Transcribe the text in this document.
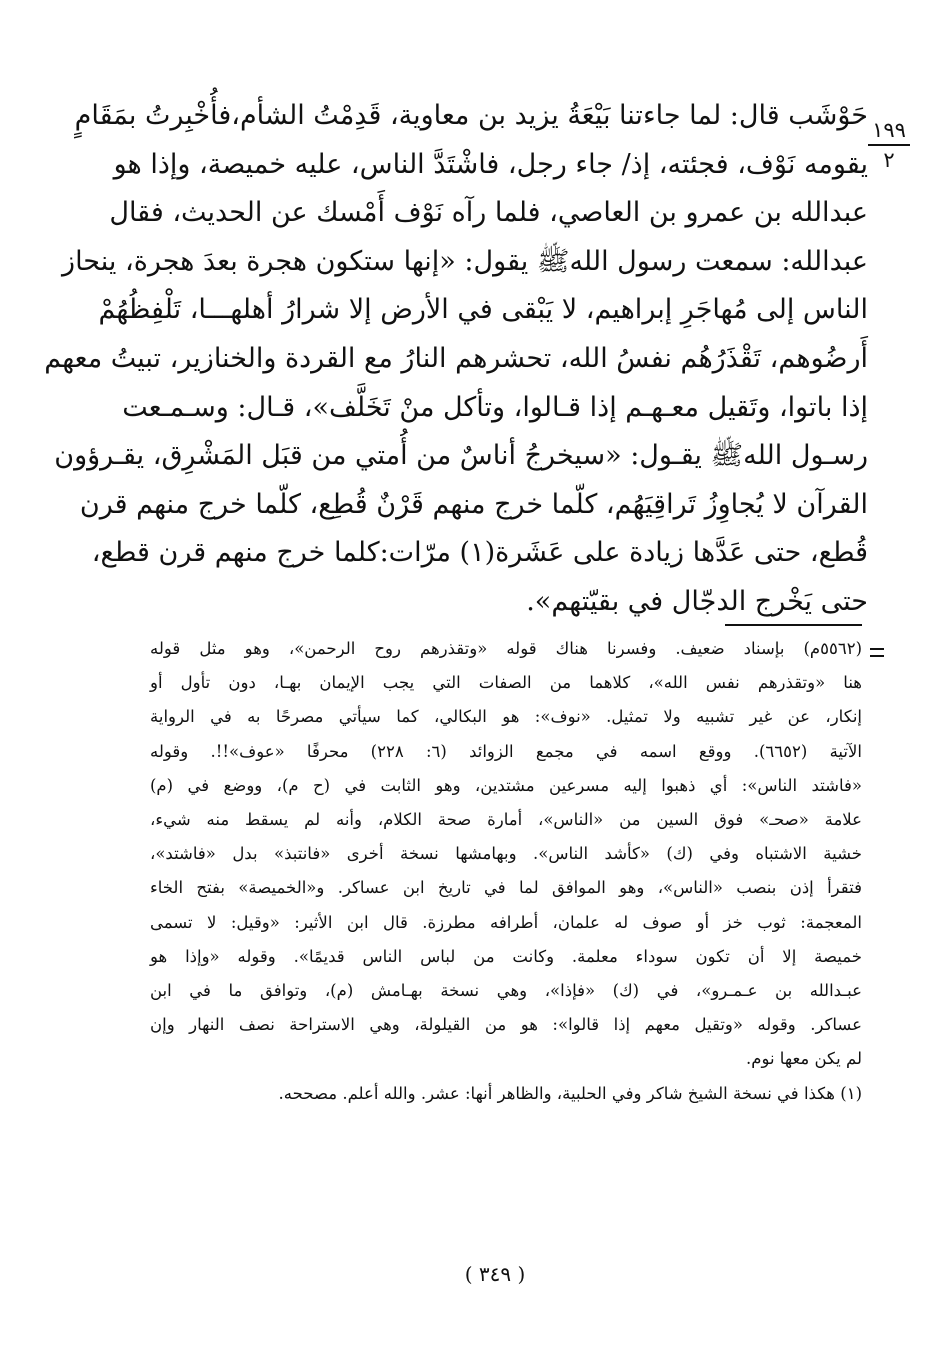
١٩٩
٢
حَوْشَب قال: لما جاءتنا بَيْعَةُ يزيد بن معاوية، قَدِمْتُ الشأم،فأُخْبِرتُ بمَقَامٍ
يقومه نَوْف، فجئته، إذ/ جاء رجل، فاشْتَدَّ الناس، عليه خميصة، وإذا هو
عبدالله بن عمرو بن العاصي، فلما رآه نَوْف أَمْسك عن الحديث، فقال
عبدالله: سمعت رسول اللهﷺ يقول: «إنها ستكون هجرة بعدَ هجرة، ينحاز
الناس إلى مُهاجَرِ إبراهيم، لا يَبْقى في الأرض إلا شرارُ أهلهـــا، تَلْفِظُهُمْ
أَرضُوهم، تَقْذَرُهُم نفسُ الله، تحشرهم النارُ مع القردة والخنازير، تبيتُ معهم
إذا باتوا، وتَقيل معـهـم إذا قـالوا، وتأكل منْ تَخَلَّف»، قـال: وسـمـعت
رسـول اللهﷺ يقـول: «سيخرجُ أناسٌ من أُمتي من قبَل المَشْرِق، يقـرؤون
القرآن لا يُجاوِزُ تَراقِيَهُم، كلّما خرج منهم قَرْنٌ قُطِع، كلّما خرج منهم قرن
قُطع، حتى عَدَّها زيادة على عَشَرة(١) مرّات:كلما خرج منهم قرن قطع،
حتى يَخْرج الدجّال في بقيّتهم».
(٥٥٦٢م) بإسناد ضعيف. وفسرنا هناك قوله «وتقذرهم روح الرحمن»، وهو مثل قوله
هنا «وتقذرهم نفس الله»، كلاهما من الصفات التي يجب الإيمان بهـا، دون تأول أو
إنكار، عن غير تشبيه ولا تمثيل. «نوف»: هو البكالي، كما سيأتي مصرحًا به في الرواية
الآتية (٦٦٥٢). ووقع اسمه في مجمع الزوائد (٦: ٢٢٨) محرفًا «عوف»!!. وقوله
«فاشتد الناس»: أي ذهبوا إليه مسرعين مشتدين، وهو الثابت في (ح م)، ووضع في (م)
علامة «صحـ» فوق السين من «الناس»، أمارة صحة الكلام، وأنه لم يسقط منه شيء،
خشية الاشتباه وفي (ك) «كأشد الناس». وبهامشها نسخة أخرى «فانتبذ» بدل «فاشتد»،
فتقرأ إذن بنصب «الناس»، وهو الموافق لما في تاريخ ابن عساكر. و«الخميصة» بفتح الخاء
المعجمة: ثوب خز أو صوف له علمان، أطرافه مطرزة. قال ابن الأثير: «وقيل: لا تسمى
خميصة إلا أن تكون سوداء معلمة. وكانت من لباس الناس قديمًا». وقوله «وإذا هو
عبـدالله بن عـمـرو»، في (ك) «فإذا»، وهي نسخة بهـامش (م)، وتوافق ما في ابن
عساكر. وقوله «وتقيل معهم إذا قالوا»: هو من القيلولة، وهي الاستراحة نصف النهار وإن
لم يكن معها نوم.
(١) هكذا في نسخة الشيخ شاكر وفي الحلبية، والظاهر أنها: عشر. والله أعلم. مصححه.
( ٣٤٩ )
